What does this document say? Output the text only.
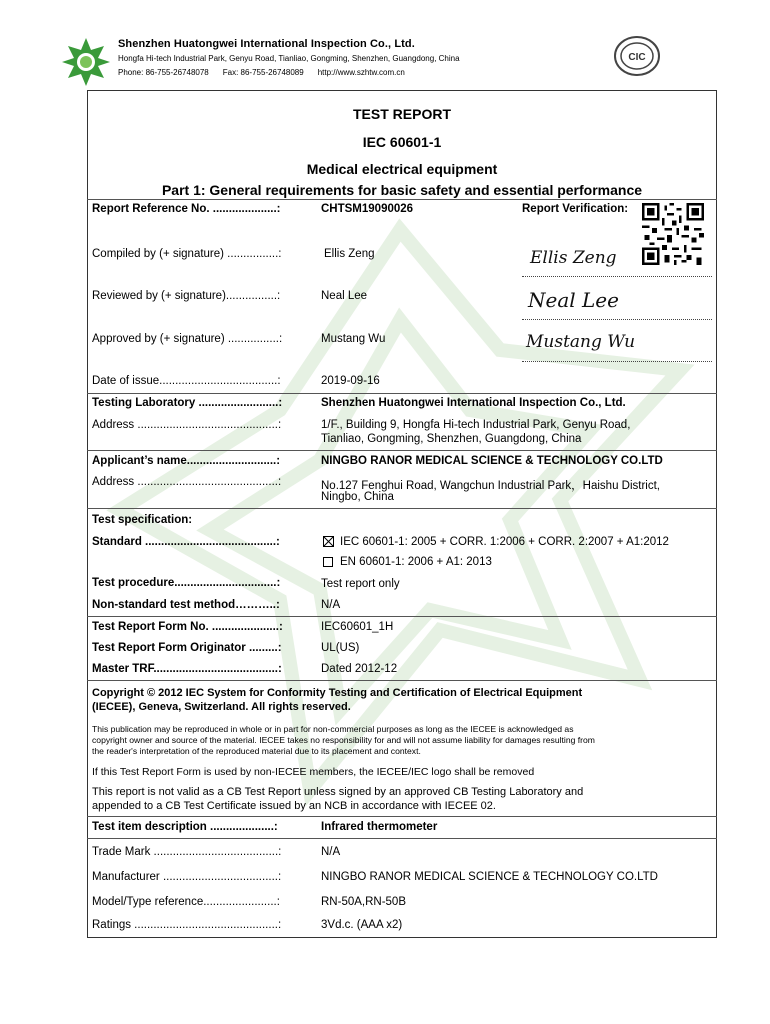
Shenzhen Huatongwei International Inspection Co., Ltd.
Hongfa Hi-tech Industrial Park, Genyu Road, Tianliao, Gongming, Shenzhen, Guangdong, China
Phone: 86-755-26748078 Fax: 86-755-26748089 http://www.szhtw.com.cn
CIC
TEST REPORT
IEC 60601-1
Medical electrical equipment
Part 1: General requirements for basic safety and essential performance
Report Reference No. ....................:	CHTSM19090026	Report Verification:
Compiled by (+ signature) ................:	Ellis Zeng	Ellis Zeng
Reviewed by (+ signature)................:	Neal Lee	Neal Lee
Approved by (+ signature) ................:	Mustang Wu	Mustang Wu
Date of issue.....................................:	2019-09-16
Testing Laboratory .........................:	Shenzhen Huatongwei International Inspection Co., Ltd.
Address ............................................:	1/F., Building 9, Hongfa Hi-tech Industrial Park, Genyu Road,
Tianliao, Gongming, Shenzhen, Guangdong, China
Applicant’s name............................:	NINGBO RANOR MEDICAL SCIENCE & TECHNOLOGY CO.LTD
Address ............................................:	No.127 Fenghui Road, Wangchun Industrial Park，Haishu District,
Ningbo, China
Test specification:
Standard .........................................:	IEC 60601-1: 2005 + CORR. 1:2006 + CORR. 2:2007 + A1:2012
EN 60601-1: 2006 + A1: 2013
Test procedure................................:	Test report only
Non-standard test method………..:	N/A
Test Report Form No. .....................:	IEC60601_1H
Test Report Form Originator .........:	UL(US)
Master TRF.......................................:	Dated 2012-12
Copyright © 2012 IEC System for Conformity Testing and Certification of Electrical Equipment
(IECEE), Geneva, Switzerland. All rights reserved.
This publication may be reproduced in whole or in part for non-commercial purposes as long as the IECEE is acknowledged as
copyright owner and source of the material. IECEE takes no responsibility for and will not assume liability for damages resulting from
the reader's interpretation of the reproduced material due to its placement and context.
If this Test Report Form is used by non-IECEE members, the IECEE/IEC logo shall be removed
This report is not valid as a CB Test Report unless signed by an approved CB Testing Laboratory and
appended to a CB Test Certificate issued by an NCB in accordance with IECEE 02.
Test item description ....................:	Infrared thermometer
Trade Mark .......................................:	N/A
Manufacturer ....................................:	NINGBO RANOR MEDICAL SCIENCE & TECHNOLOGY CO.LTD
Model/Type reference.......................:	RN-50A,RN-50B
Ratings .............................................:	3Vd.c. (AAA x2)
